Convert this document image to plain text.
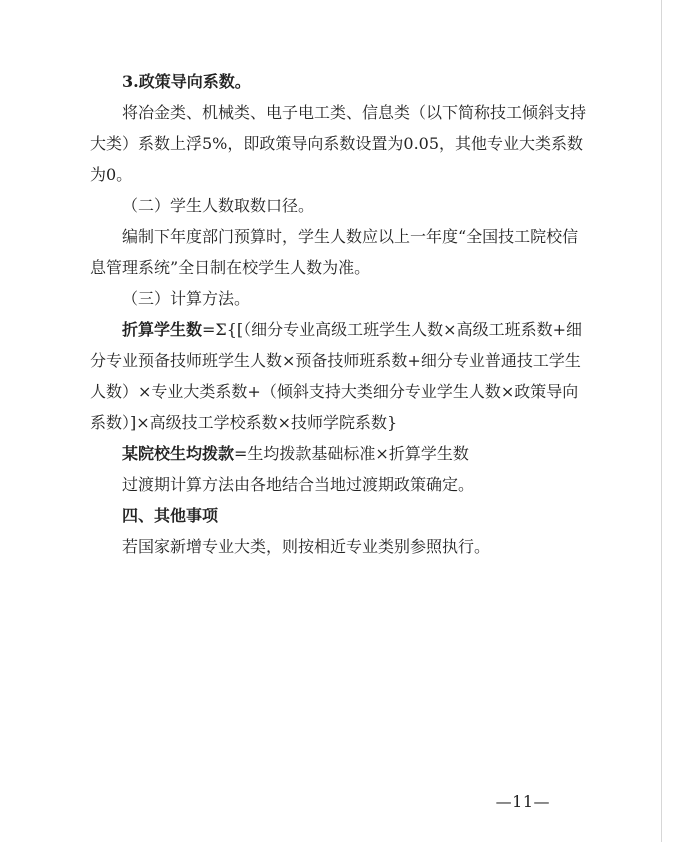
3.政策导向系数。

将冶金类、机械类、电子电工类、信息类（以下简称技工倾斜支持大类）系数上浮5%，即政策导向系数设置为0.05，其他专业大类系数为0。

（二）学生人数取数口径。

编制下年度部门预算时，学生人数应以上一年度“全国技工院校信息管理系统”全日制在校学生人数为准。

（三）计算方法。

折算学生数=Σ{[（细分专业高级工班学生人数×高级工班系数+细分专业预备技师班学生人数×预备技师班系数+细分专业普通技工学生人数）×专业大类系数+（倾斜支持大类细分专业学生人数×政策导向系数）]×高级技工学校系数×技师学院系数}

某院校生均拨款=生均拨款基础标准×折算学生数

过渡期计算方法由各地结合当地过渡期政策确定。

四、其他事项

若国家新增专业大类，则按相近专业类别参照执行。

—11—
